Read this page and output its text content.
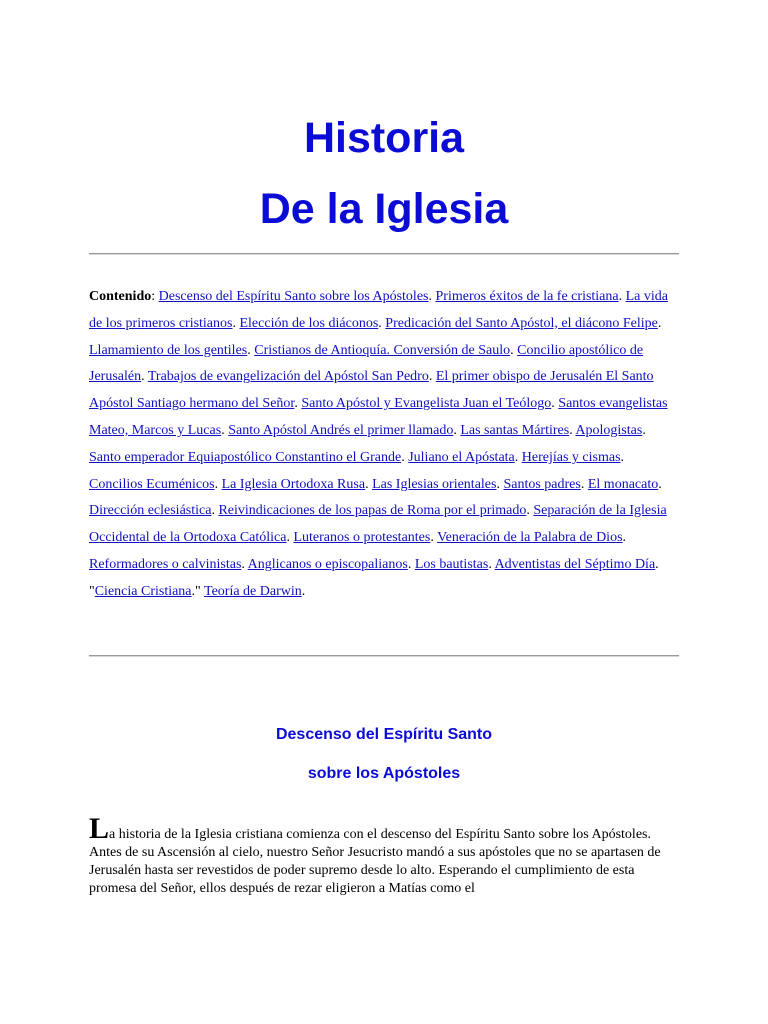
Historia
De la Iglesia
Contenido: Descenso del Espíritu Santo sobre los Apóstoles. Primeros éxitos de la fe cristiana. La vida de los primeros cristianos. Elección de los diáconos. Predicación del Santo Apóstol, el diácono Felipe. Llamamiento de los gentiles. Cristianos de Antioquía. Conversión de Saulo. Concilio apostólico de Jerusalén. Trabajos de evangelización del Apóstol San Pedro. El primer obispo de Jerusalén El Santo Apóstol Santiago hermano del Señor. Santo Apóstol y Evangelista Juan el Teólogo. Santos evangelistas Mateo, Marcos y Lucas. Santo Apóstol Andrés el primer llamado. Las santas Mártires. Apologistas. Santo emperador Equiapostólico Constantino el Grande. Juliano el Apóstata. Herejías y cismas. Concilios Ecuménicos. La Iglesia Ortodoxa Rusa. Las Iglesias orientales. Santos padres. El monacato. Dirección eclesiástica. Reivindicaciones de los papas de Roma por el primado. Separación de la Iglesia Occidental de la Ortodoxa Católica. Luteranos o protestantes. Veneración de la Palabra de Dios. Reformadores o calvinistas. Anglicanos o episcopalianos. Los bautistas. Adventistas del Séptimo Día. "Ciencia Cristiana." Teoría de Darwin.
Descenso del Espíritu Santo
sobre los Apóstoles

La historia de la Iglesia cristiana comienza con el descenso del Espíritu Santo sobre los Apóstoles. Antes de su Ascensión al cielo, nuestro Señor Jesucristo mandó a sus apóstoles que no se apartasen de Jerusalén hasta ser revestidos de poder supremo desde lo alto. Esperando el cumplimiento de esta promesa del Señor, ellos después de rezar eligieron a Matías como el
